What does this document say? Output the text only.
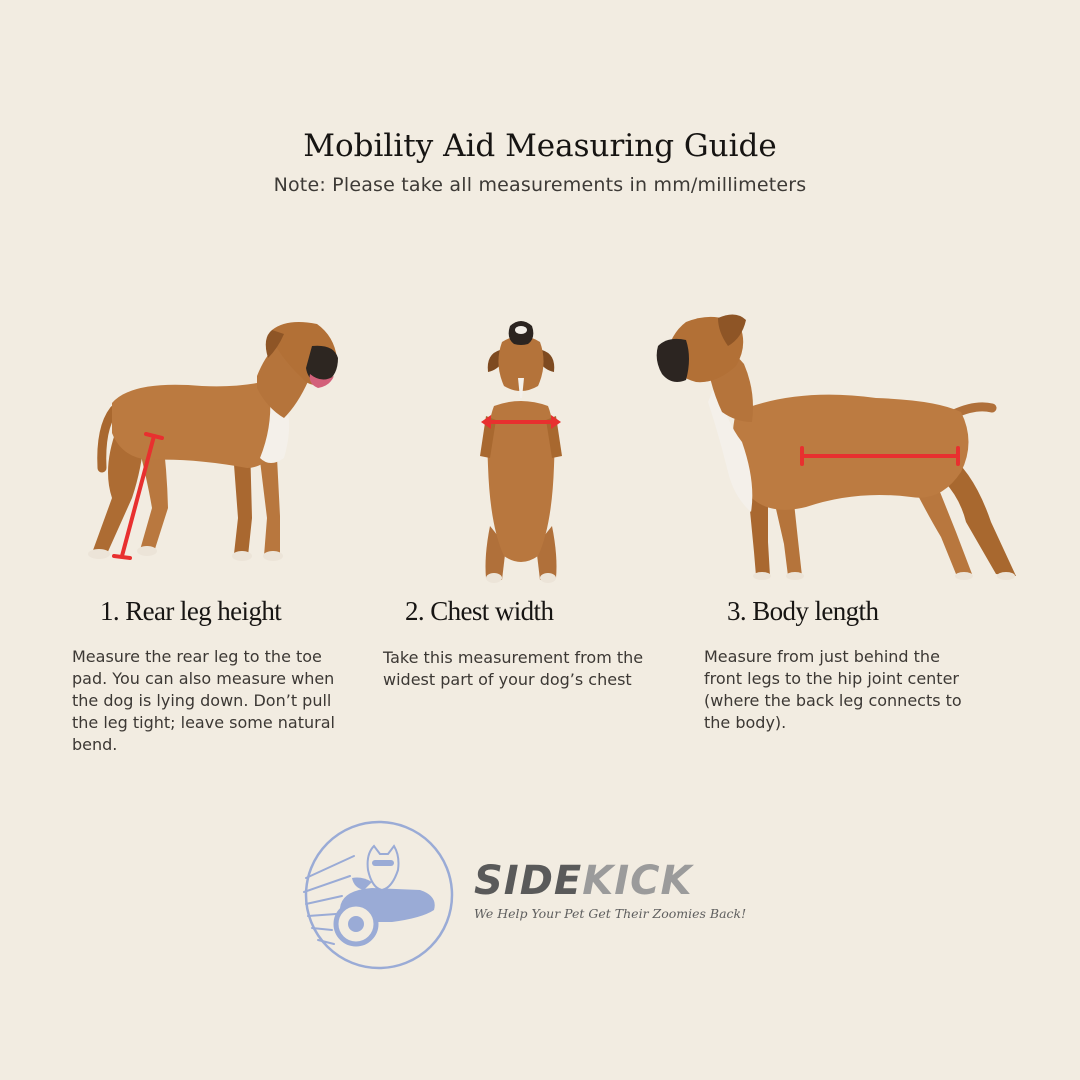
Mobility Aid Measuring Guide
Note: Please take all measurements in mm/millimeters
1. Rear leg height	2. Chest width	3. Body length
Measure the rear leg to the toe pad. You can also measure when the dog is lying down. Don’t pull the leg tight; leave some natural bend.
Take this measurement from the widest part of your dog’s chest
Measure from just behind the front legs to the hip joint center (where the back leg connects to the body).
SIDEKICK
We Help Your Pet Get Their Zoomies Back!
